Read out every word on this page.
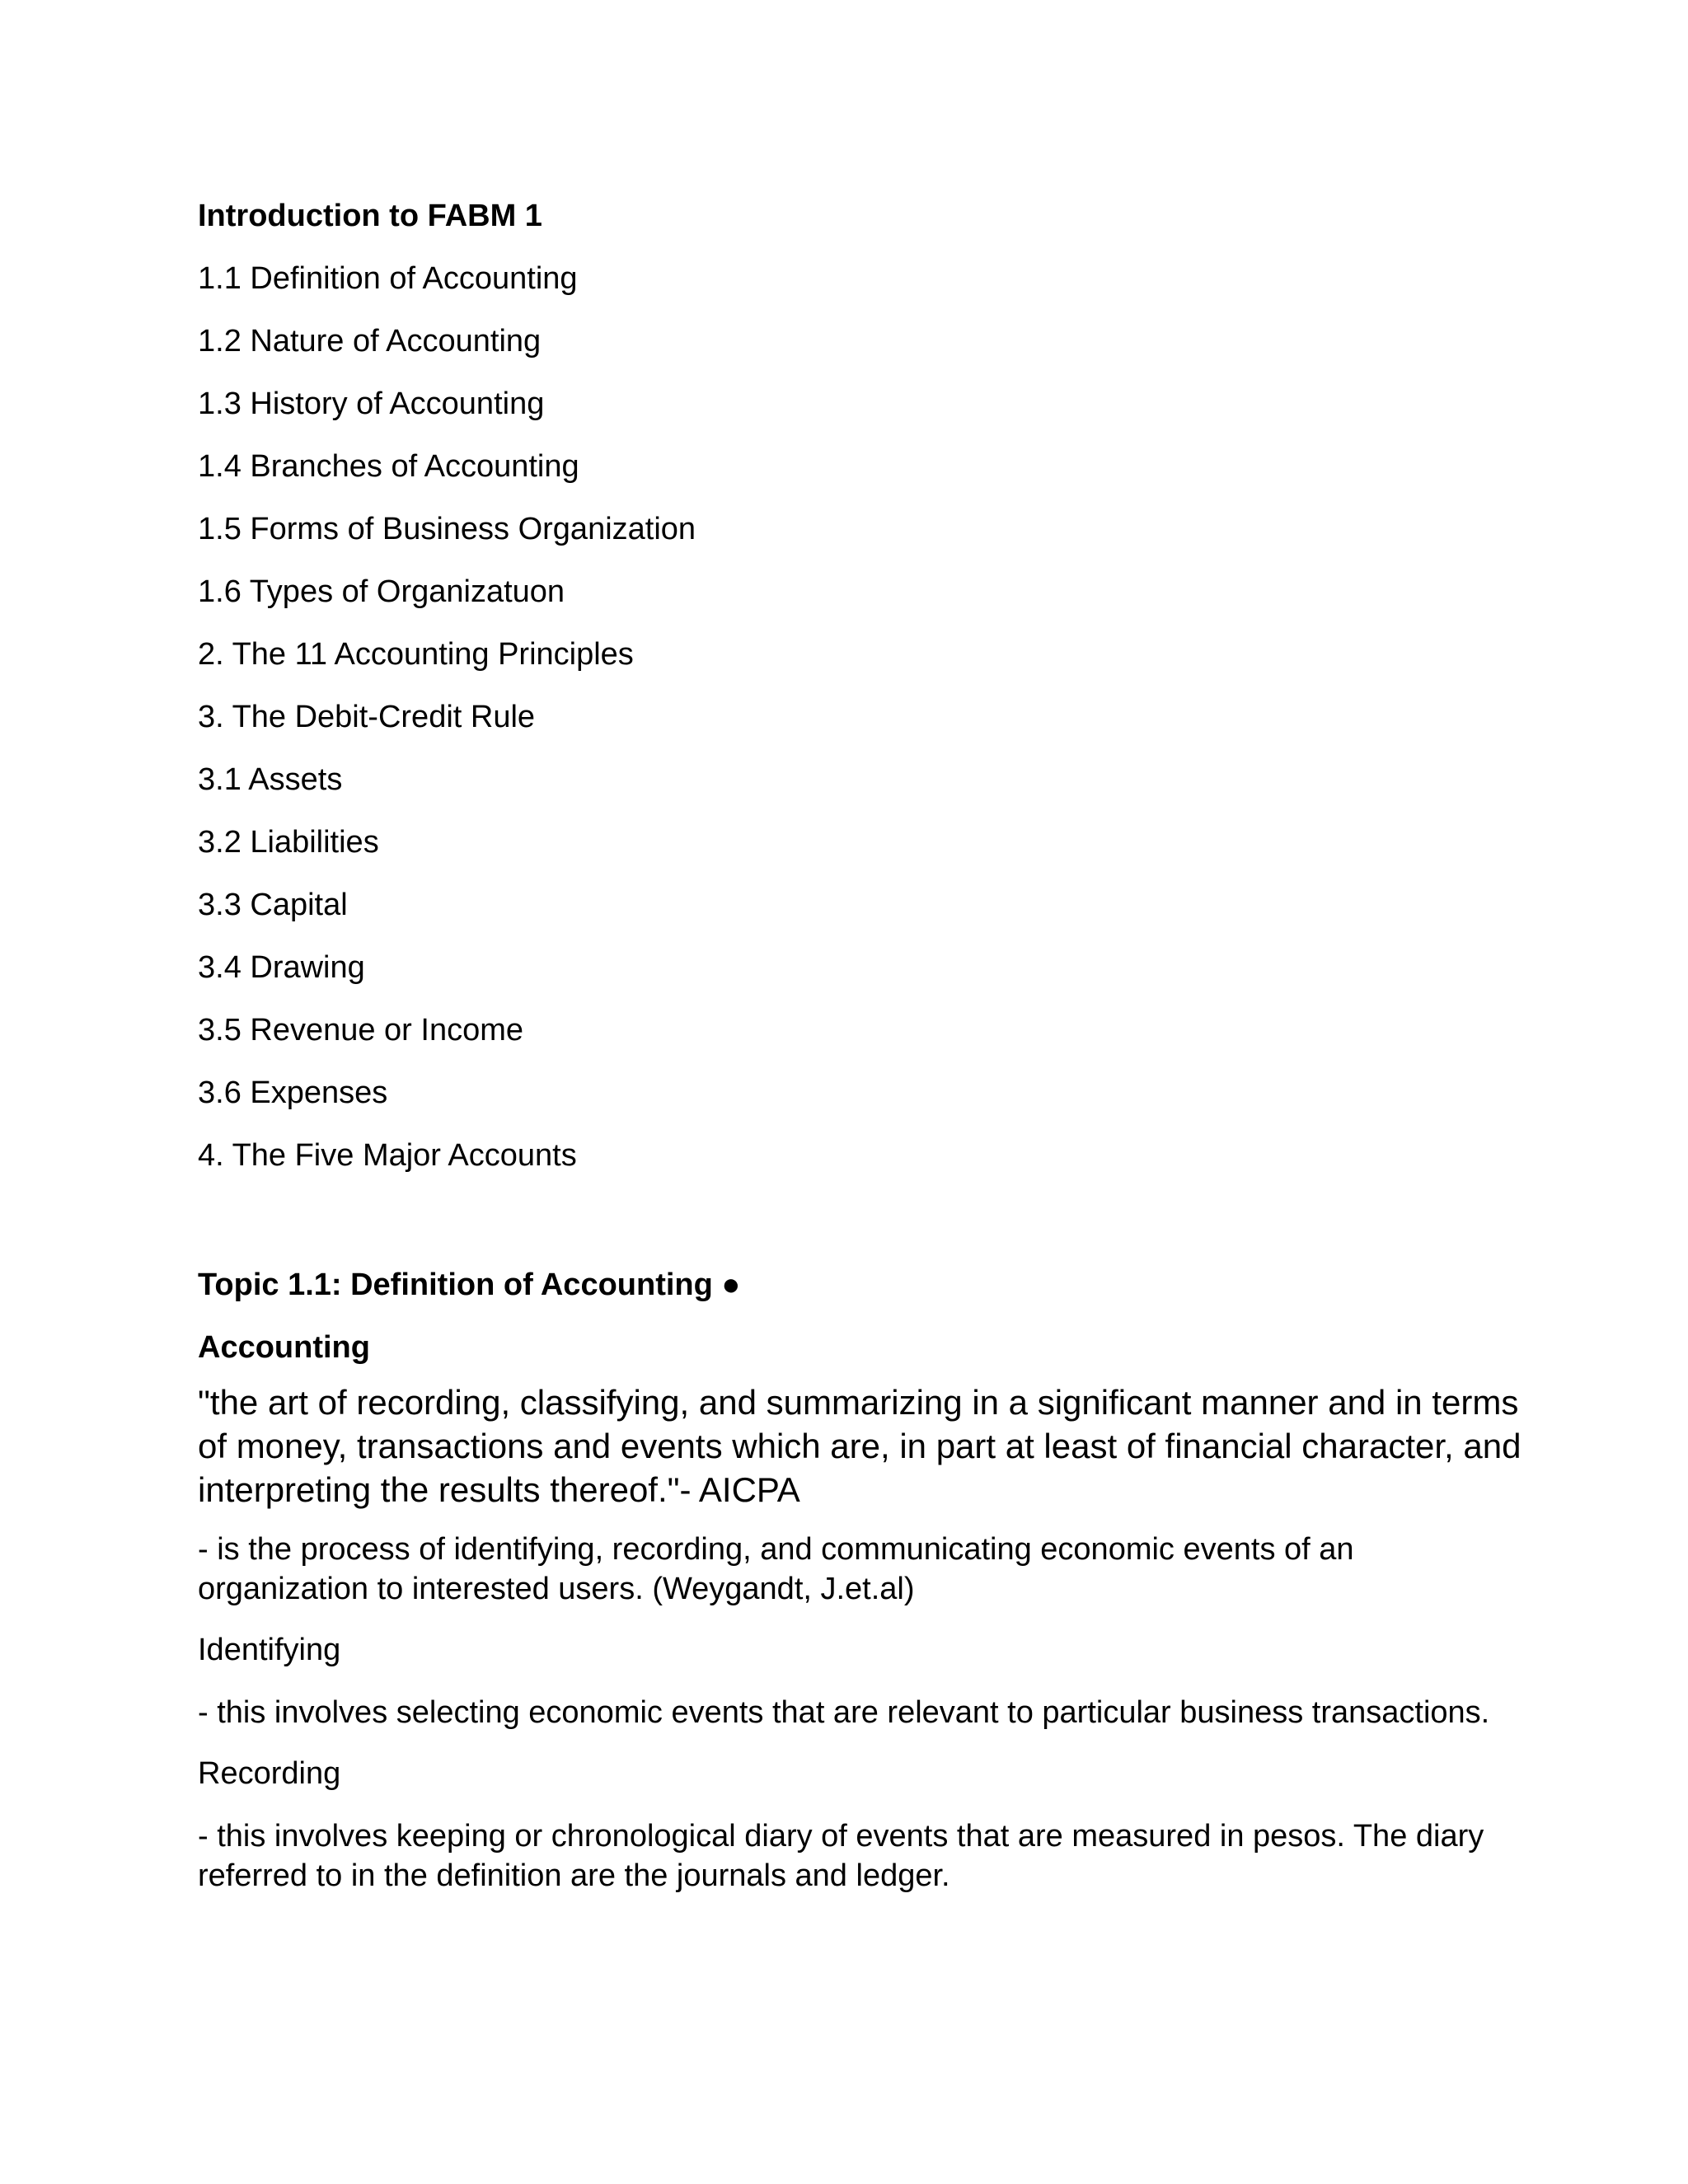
Introduction to FABM 1
1.1 Definition of Accounting
1.2 Nature of Accounting
1.3 History of Accounting
1.4 Branches of Accounting
1.5 Forms of Business Organization
1.6 Types of Organizatuon
2. The 11 Accounting Principles
3. The Debit-Credit Rule
3.1 Assets
3.2 Liabilities
3.3 Capital
3.4 Drawing
3.5 Revenue or Income
3.6 Expenses
4. The Five Major Accounts
Topic 1.1: Definition of Accounting ●
Accounting

"the art of recording, classifying, and summarizing in a significant manner and in terms of money, transactions and events which are, in part at least of financial character, and interpreting the results thereof."- AICPA

- is the process of identifying, recording, and communicating economic events of an organization to interested users. (Weygandt, J.et.al)

Identifying

- this involves selecting economic events that are relevant to particular business transactions.

Recording

- this involves keeping or chronological diary of events that are measured in pesos. The diary referred to in the definition are the journals and ledger.
